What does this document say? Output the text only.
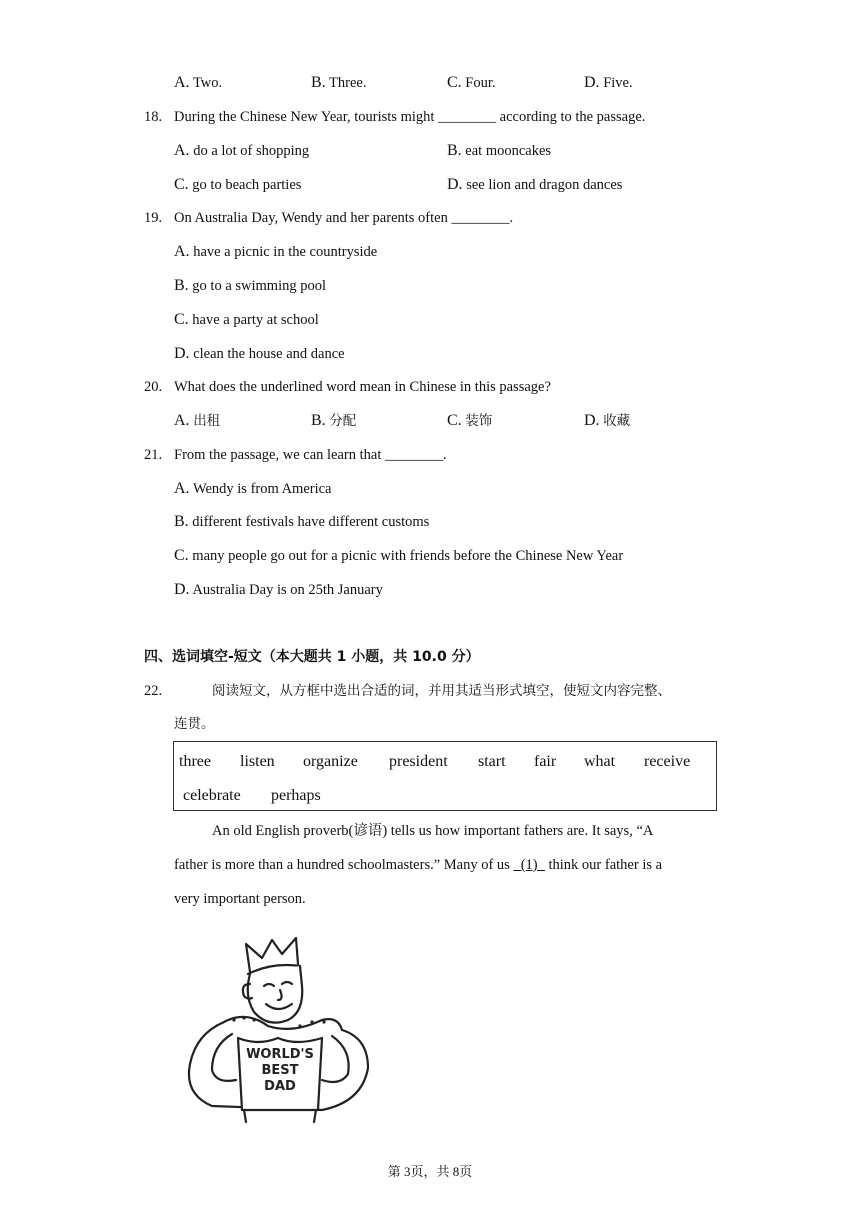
A. Two.	B. Three.	C. Four.	D. Five.
18. During the Chinese New Year, tourists might ________ according to the passage.
A. do a lot of shopping	B. eat mooncakes
C. go to beach parties	D. see lion and dragon dances
19. On Australia Day, Wendy and her parents often ________.
A. have a picnic in the countryside
B. go to a swimming pool
C. have a party at school
D. clean the house and dance
20. What does the underlined word mean in Chinese in this passage?
A. 出租	B. 分配	C. 装饰	D. 收藏
21. From the passage, we can learn that ________.
A. Wendy is from America
B. different festivals have different customs
C. many people go out for a picnic with friends before the Chinese New Year
D. Australia Day is on 25th January
四、选词填空-短文（本大题共 1 小题，共 10.0 分）
22.	阅读短文，从方框中选出合适的词，并用其适当形式填空，使短文内容完整、
连贯。
three listen organize president start fair what receive
celebrate perhaps
An old English proverb(谚语) tells us how important fathers are. It says, “A
father is more than a hundred schoolmasters.” Many of us   (1)   think our father is a
very important person.
WORLD'S
BEST
DAD
第 3页，共 8页
